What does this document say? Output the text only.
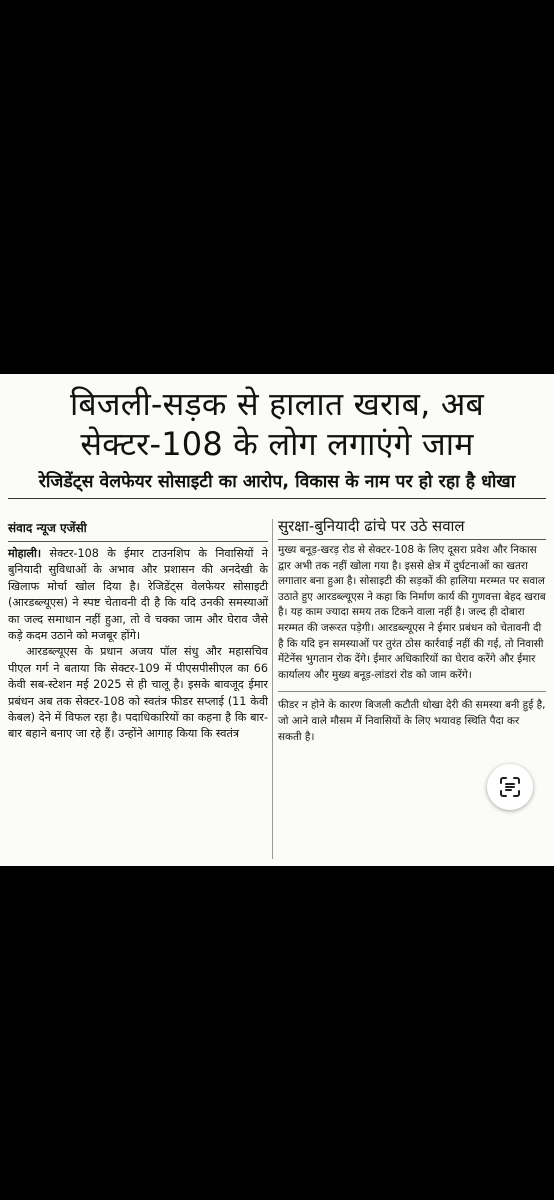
बिजली-सड़क से हालात खराब, अब
सेक्टर-108 के लोग लगाएंगे जाम
रेजिडेंट्स वेलफेयर सोसाइटी का आरोप, विकास के नाम पर हो रहा है धोखा
संवाद न्यूज एजेंसी

मोहाली। सेक्टर-108 के ईमार टाउनशिप के निवासियों ने बुनियादी सुविधाओं के अभाव और प्रशासन की अनदेखी के खिलाफ मोर्चा खोल दिया है। रेजिडेंट्स वेलफेयर सोसाइटी (आरडब्ल्यूएस) ने स्पष्ट चेतावनी दी है कि यदि उनकी समस्याओं का जल्द समाधान नहीं हुआ, तो वे चक्का जाम और घेराव जैसे कड़े कदम उठाने को मजबूर होंगे।

आरडब्ल्यूएस के प्रधान अजय पॉल संधु और महासचिव पीएल गर्ग ने बताया कि सेक्टर-109 में पीएसपीसीएल का 66 केवी सब-स्टेशन मई 2025 से ही चालू है। इसके बावजूद ईमार प्रबंधन अब तक सेक्टर-108 को स्वतंत्र फीडर सप्लाई (11 केवी केबल) देने में विफल रहा है। पदाधिकारियों का कहना है कि बार-बार बहाने बनाए जा रहे हैं। उन्होंने आगाह किया कि स्वतंत्र

सुरक्षा-बुनियादी ढांचे पर उठे सवाल

मुख्य बनूड़-खरड़ रोड से सेक्टर-108 के लिए दूसरा प्रवेश और निकास द्वार अभी तक नहीं खोला गया है। इससे क्षेत्र में दुर्घटनाओं का खतरा लगातार बना हुआ है। सोसाइटी की सड़कों की हालिया मरम्मत पर सवाल उठाते हुए आरडब्ल्यूएस ने कहा कि निर्माण कार्य की गुणवत्ता बेहद खराब है। यह काम ज्यादा समय तक टिकने वाला नहीं है। जल्द ही दोबारा मरम्मत की जरूरत पड़ेगी। आरडब्ल्यूएस ने ईमार प्रबंधन को चेतावनी दी है कि यदि इन समस्याओं पर तुरंत ठोस कार्रवाई नहीं की गई, तो निवासी मेंटेनेंस भुगतान रोक देंगे। ईमार अधिकारियों का घेराव करेंगे और ईमार कार्यालय और मुख्य बनूड़-लांडरां रोड को जाम करेंगे।

फीडर न होने के कारण बिजली कटौती धोखा देरी की समस्या बनी हुई है, जो आने वाले मौसम में निवासियों के लिए भयावह स्थिति पैदा कर सकती है।
